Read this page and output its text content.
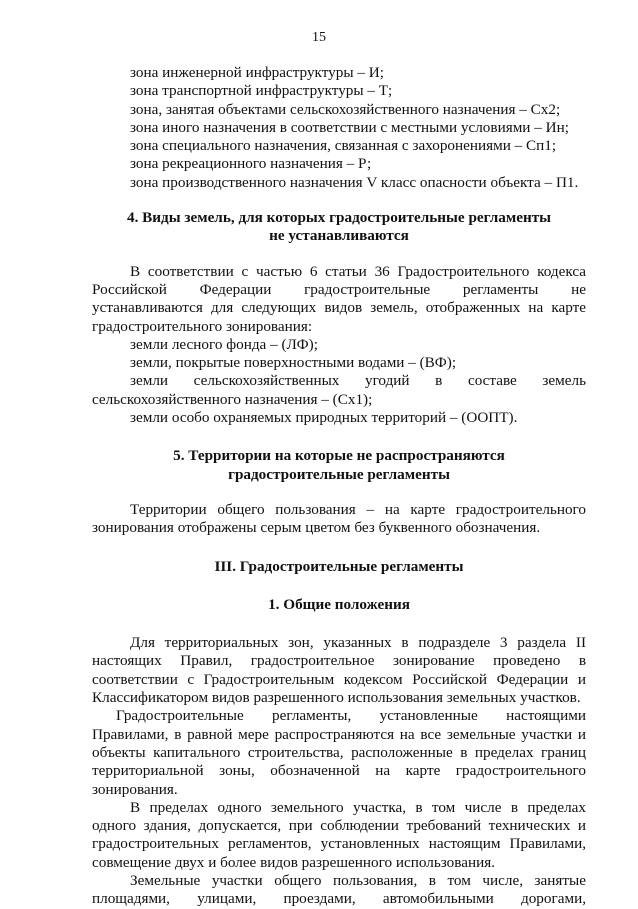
15
зона инженерной инфраструктуры – И;
зона транспортной инфраструктуры – Т;
зона, занятая объектами сельскохозяйственного назначения – Сх2;
зона иного назначения в соответствии с местными условиями – Ин;
зона специального назначения, связанная с захоронениями – Сп1;
зона рекреационного назначения – Р;
зона производственного назначения V класс опасности объекта – П1.
4. Виды земель, для которых градостроительные регламенты
не устанавливаются
В соответствии с частью 6 статьи 36 Градостроительного кодекса
Российской Федерации градостроительные регламенты не
устанавливаются для следующих видов земель, отображенных на карте
градостроительного зонирования:
земли лесного фонда – (ЛФ);
земли, покрытые поверхностными водами – (ВФ);
земли сельскохозяйственных угодий в составе земель
сельскохозяйственного назначения – (Сх1);
земли особо охраняемых природных территорий – (ООПТ).
5. Территории на которые не распространяются
градостроительные регламенты
Территории общего пользования – на карте градостроительного
зонирования отображены серым цветом без буквенного обозначения.
III. Градостроительные регламенты
1. Общие положения
Для территориальных зон, указанных в подразделе 3 раздела II
настоящих Правил, градостроительное зонирование проведено в
соответствии с Градостроительным кодексом Российской Федерации и
Классификатором видов разрешенного использования земельных участков.
Градостроительные регламенты, установленные настоящими
Правилами, в равной мере распространяются на все земельные участки и
объекты капитального строительства, расположенные в пределах границ
территориальной зоны, обозначенной на карте градостроительного
зонирования.
В пределах одного земельного участка, в том числе в пределах
одного здания, допускается, при соблюдении требований технических и
градостроительных регламентов, установленных настоящим Правилами,
совмещение двух и более видов разрешенного использования.
Земельные участки общего пользования, в том числе, занятые
площадями, улицами, проездами, автомобильными дорогами,
